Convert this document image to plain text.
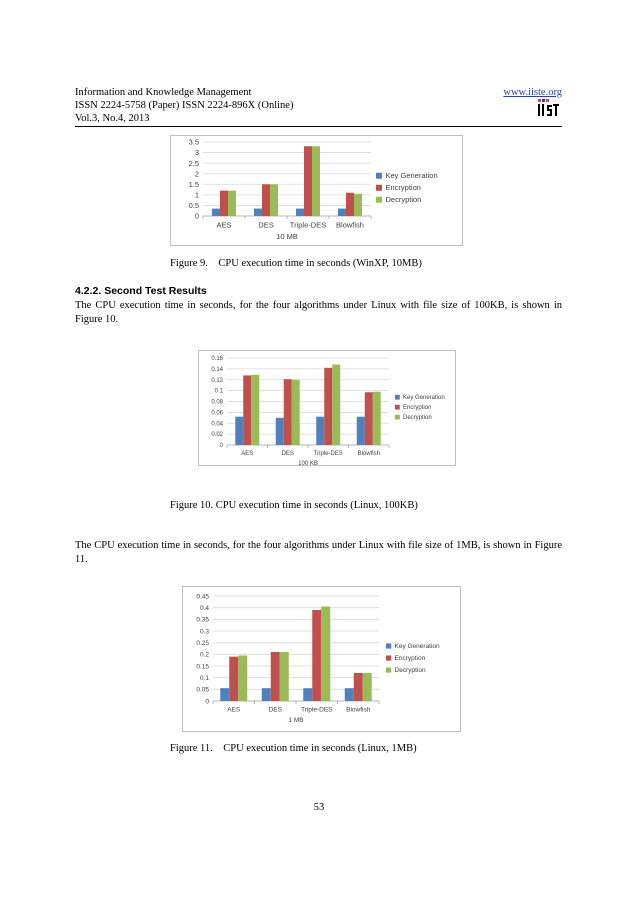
Information and Knowledge Management
ISSN 2224-5758 (Paper) ISSN 2224-896X (Online)
Vol.3, No.4, 2013
www.iiste.org
0
0.5
1
1.5
2
2.5
3
3.5
AES	DES Triple-DES Blowfish
10 MB
Key Generation
Encryption
Decryption
Figure 9.    CPU execution time in seconds (WinXP, 10MB)
4.2.2. Second Test Results
The CPU execution time in seconds, for the four algorithms under Linux with file size of 100KB, is shown in Figure 10.
0
0.02
0.04
0.06
0.08
0.1
0.12
0.14
0.16
AES	DES	Triple-DES Blowfish
100 KB
Key Generation
Encryption
Decryption
Figure 10. CPU execution time in seconds (Linux, 100KB)
The CPU execution time in seconds, for the four algorithms under Linux with file size of 1MB, is shown in Figure 11.
0
0.05
0.1
0.15
0.2
0.25
0.3
0.35
0.4
0.45
AES	DES	Triple-DES Blowfish
1 MB
Key Generation
Encryption
Decryption
Figure 11.    CPU execution time in seconds (Linux, 1MB)
53
